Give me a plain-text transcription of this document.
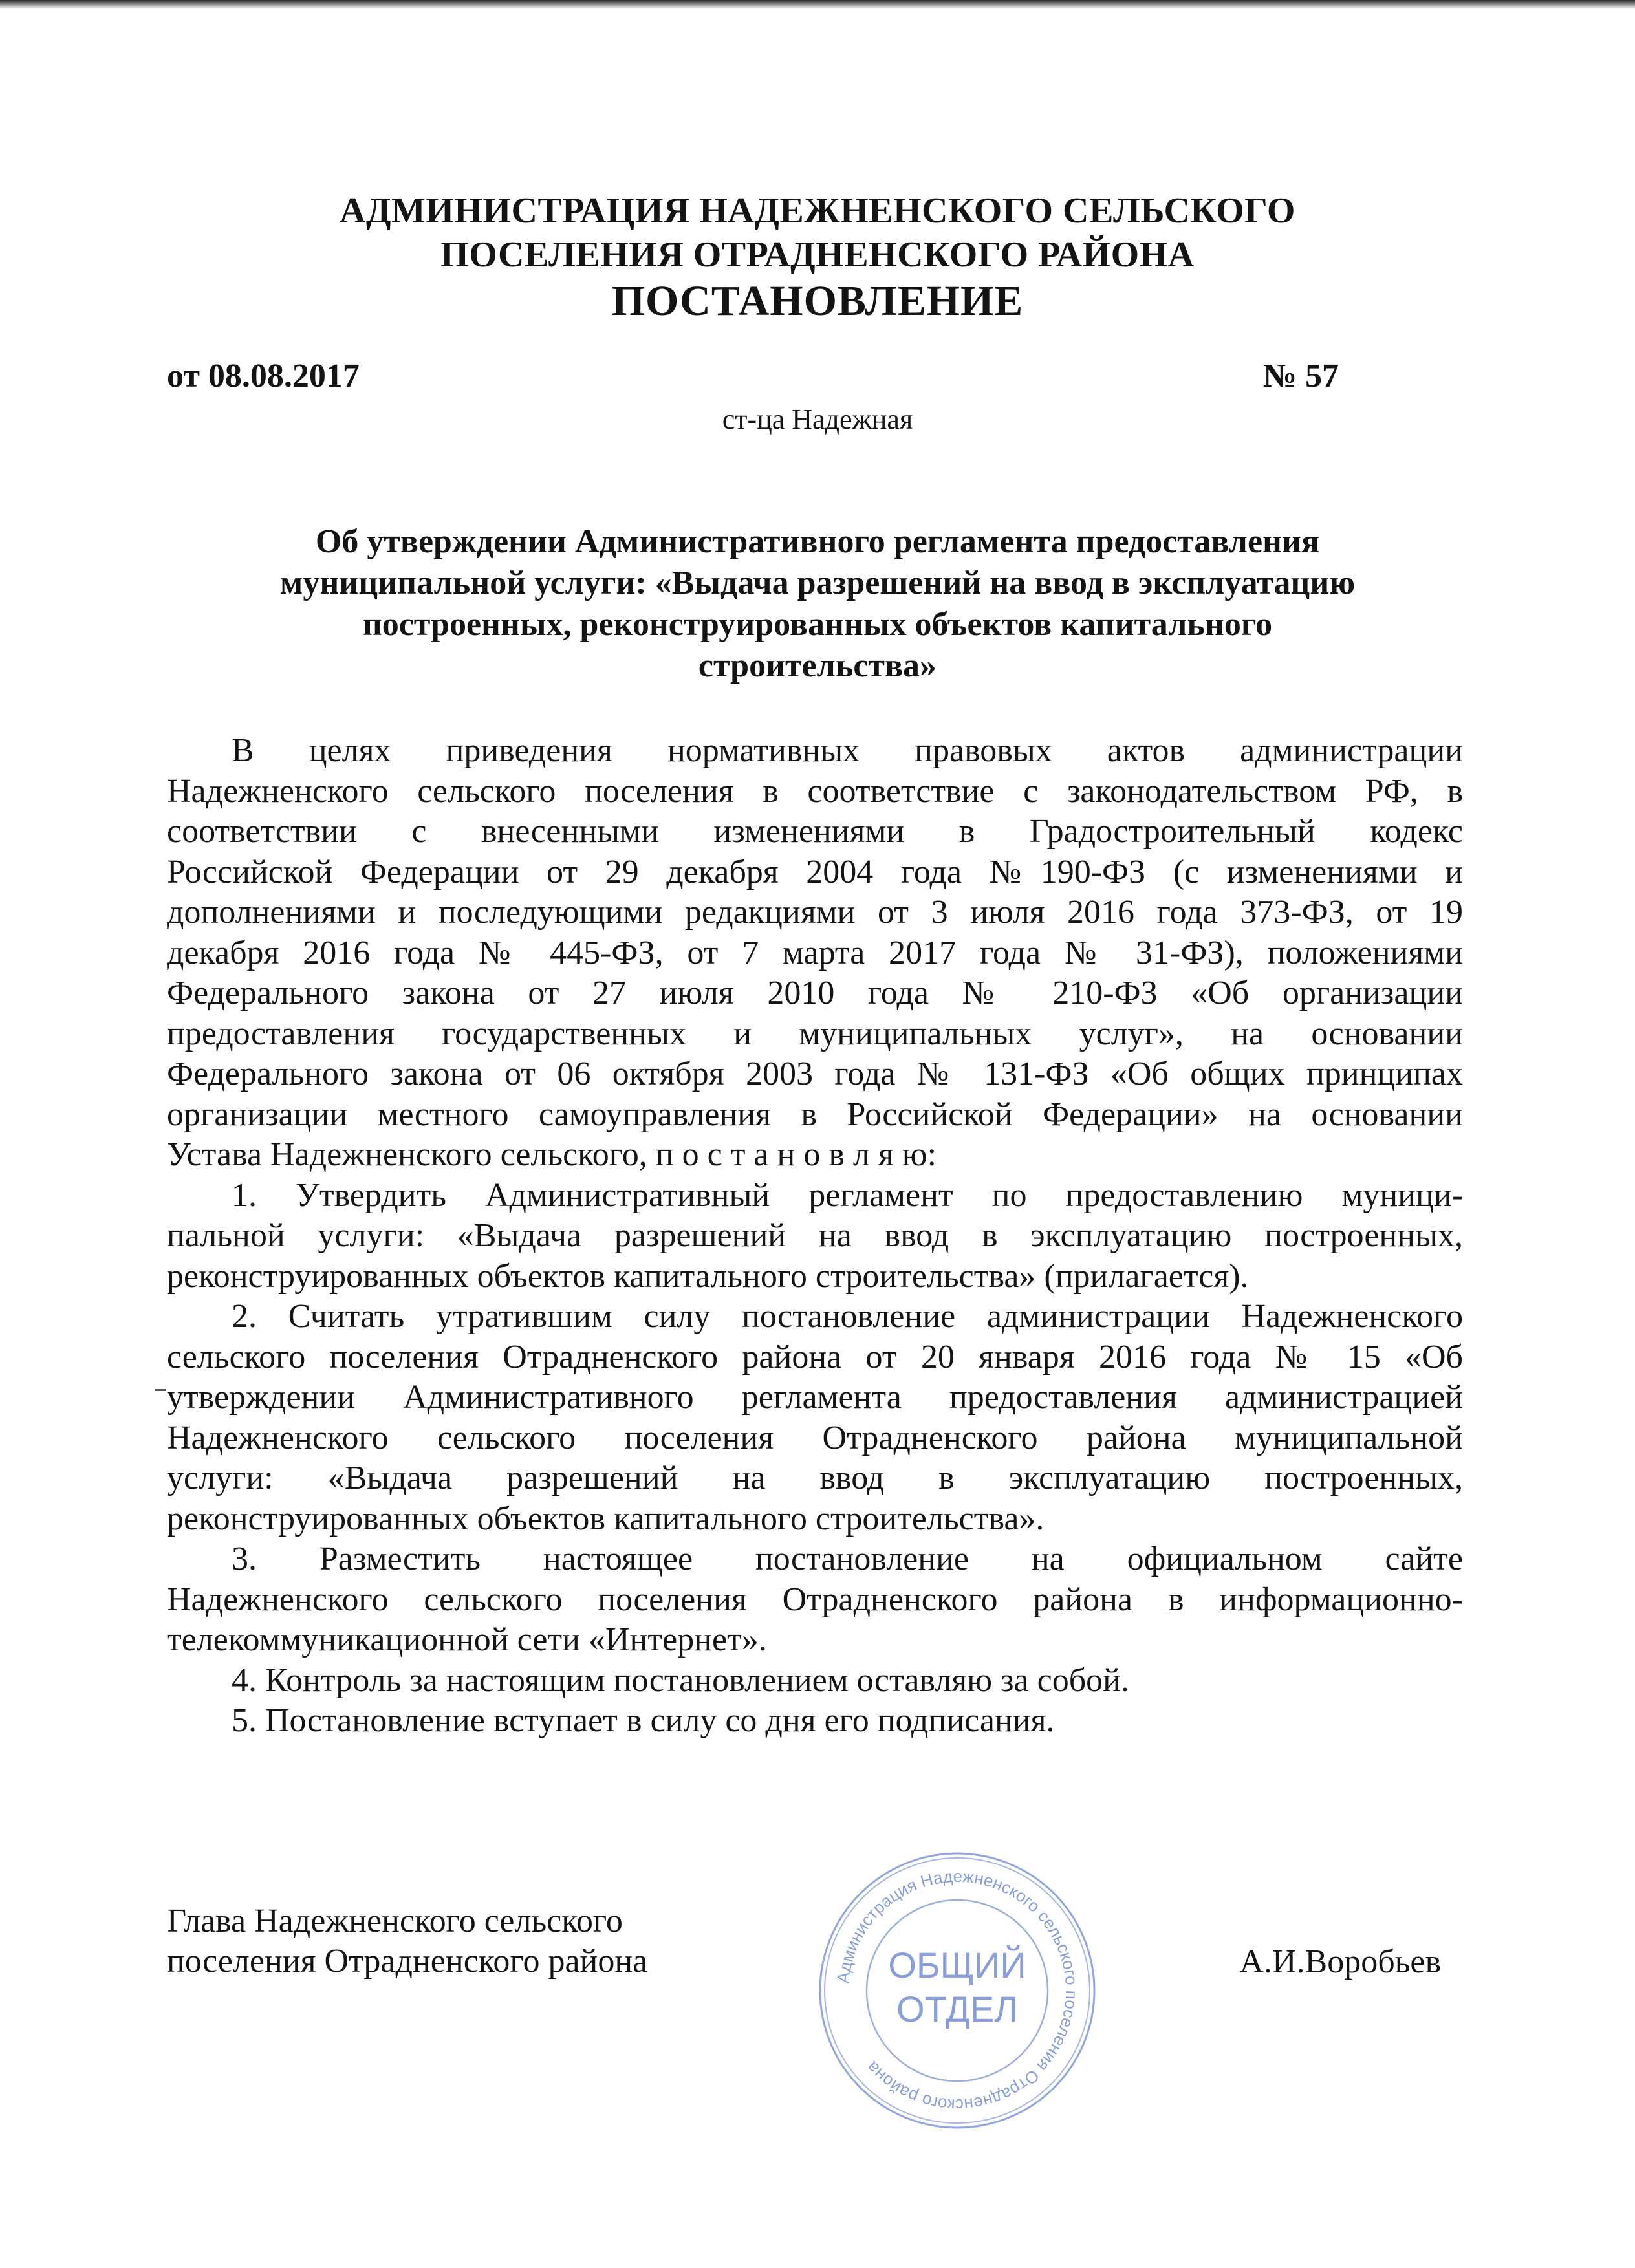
АДМИНИСТРАЦИЯ НАДЕЖНЕНСКОГО СЕЛЬСКОГО
ПОСЕЛЕНИЯ ОТРАДНЕНСКОГО РАЙОНА
ПОСТАНОВЛЕНИЕ
от 08.08.2017	№ 57
ст-ца Надежная
Об утверждении Административного регламента предоставления
муниципальной услуги: «Выдача разрешений на ввод в эксплуатацию
построенных, реконструированных объектов капитального
строительства»
В целях приведения нормативных правовых актов администрации
Надежненского сельского поселения в соответствие с законодательством РФ, в
соответствии с внесенными изменениями в Градостроительный кодекс
Российской Федерации от 29 декабря 2004 года №190-ФЗ (с изменениями и
дополнениями и последующими редакциями от 3 июля 2016 года 373-ФЗ, от 19
декабря 2016 года № 445-ФЗ, от 7 марта 2017 года № 31-ФЗ), положениями
Федерального закона от 27 июля 2010 года № 210-ФЗ «Об организации
предоставления государственных и муниципальных услуг», на основании
Федерального закона от 06 октября 2003 года № 131-ФЗ «Об общих принципах
организации местного самоуправления в Российской Федерации» на основании
Устава Надежненского сельского, п о с т а н о в л я ю:
1. Утвердить Административный регламент по предоставлению муници-
пальной услуги: «Выдача разрешений на ввод в эксплуатацию построенных,
реконструированных объектов капитального строительства» (прилагается).
2. Считать утратившим силу постановление администрации Надежненского
сельского поселения Отрадненского района от 20 января 2016 года № 15 «Об
утверждении Административного регламента предоставления администрацией
Надежненского сельского поселения Отрадненского района муниципальной
услуги: «Выдача разрешений на ввод в эксплуатацию построенных,
реконструированных объектов капитального строительства».
3. Разместить настоящее постановление на официальном сайте
Надежненского сельского поселения Отрадненского района в информационно-
телекоммуникационной сети «Интернет».
4. Контроль за настоящим постановлением оставляю за собой.
5. Постановление вступает в силу со дня его подписания.
Глава Надежненского сельского
поселения Отрадненского района	Администрация Надежненского сельского поселения Отрадненского района
ОБЩИЙ
ОТДЕЛ
А.И.Воробьев
